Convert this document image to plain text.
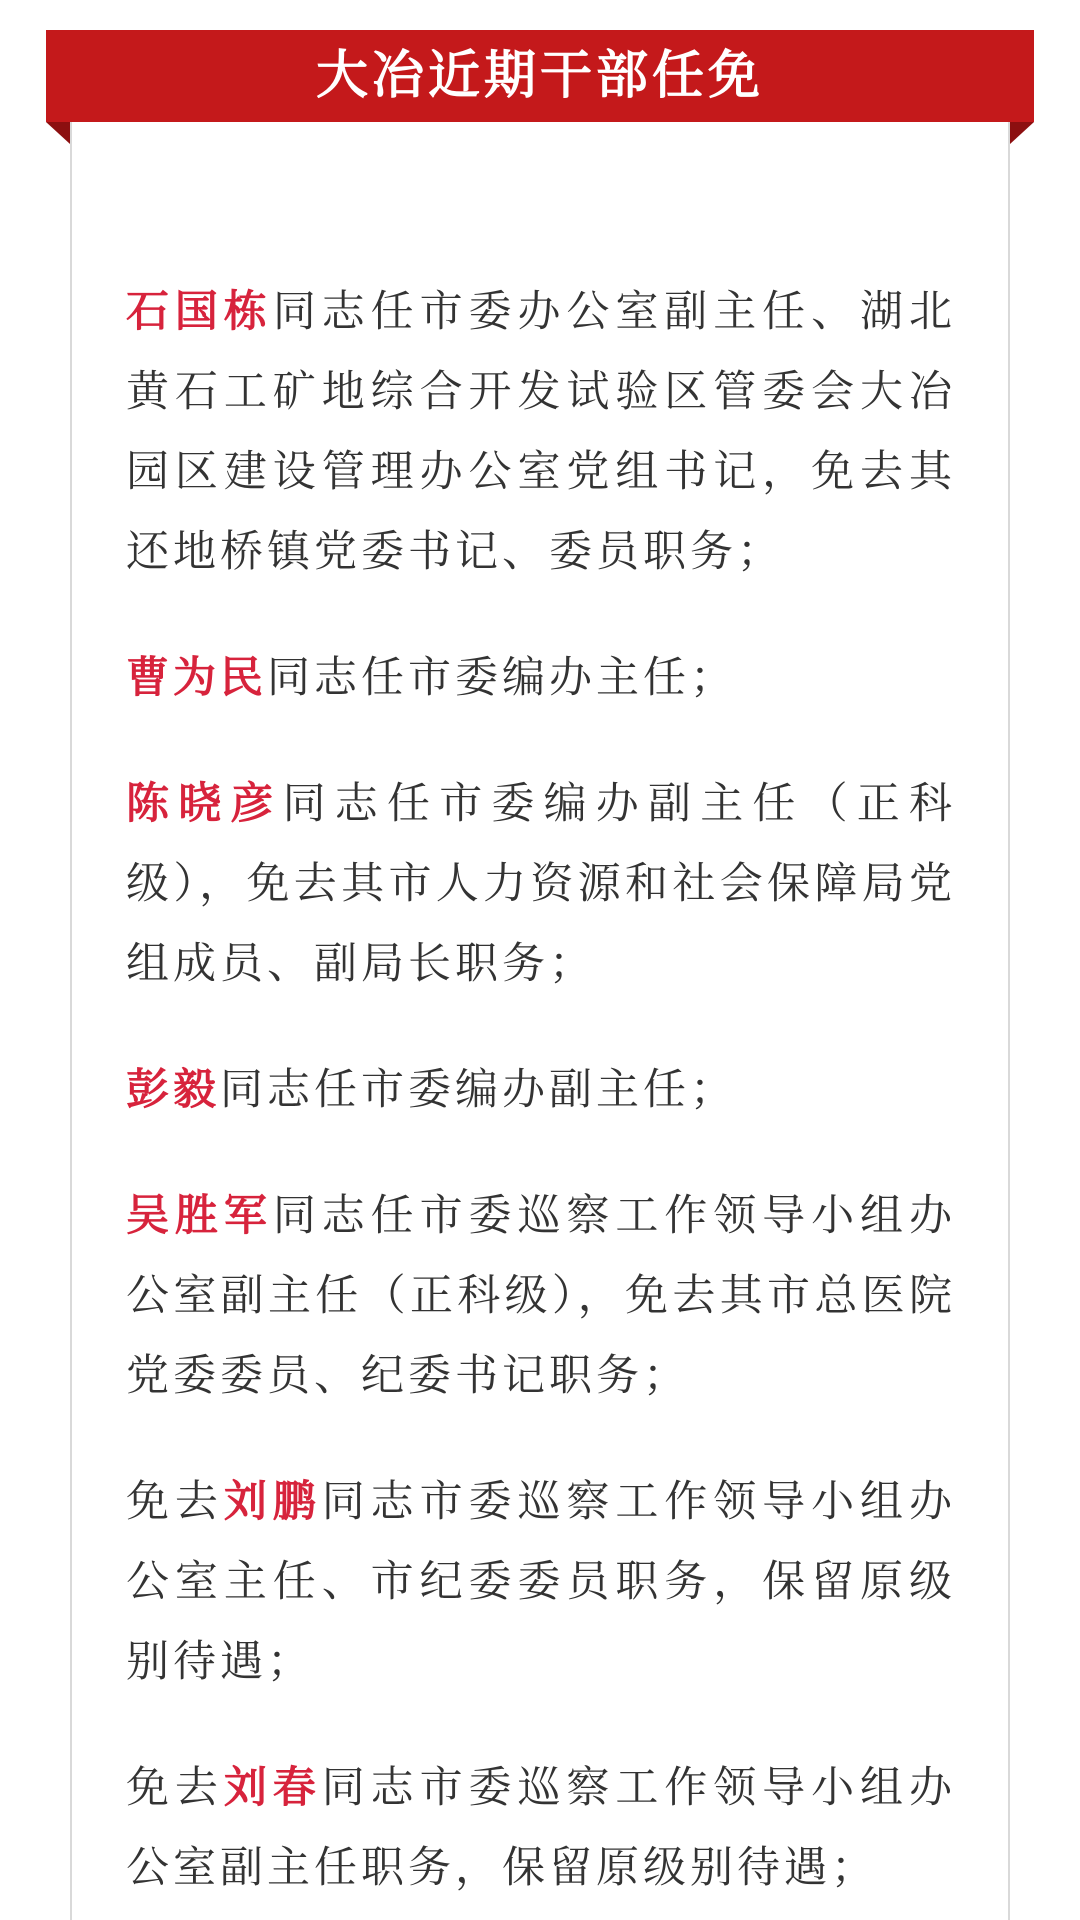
大冶近期干部任免

石国栋同志任市委办公室副主任、湖北黄石工矿地综合开发试验区管委会大冶园区建设管理办公室党组书记，免去其还地桥镇党委书记、委员职务；

曹为民同志任市委编办主任；

陈晓彦同志任市委编办副主任（正科级），免去其市人力资源和社会保障局党组成员、副局长职务；

彭毅同志任市委编办副主任；

吴胜军同志任市委巡察工作领导小组办公室副主任（正科级），免去其市总医院党委委员、纪委书记职务；

免去刘鹏同志市委巡察工作领导小组办公室主任、市纪委委员职务，保留原级别待遇；

免去刘春同志市委巡察工作领导小组办公室副主任职务，保留原级别待遇；
